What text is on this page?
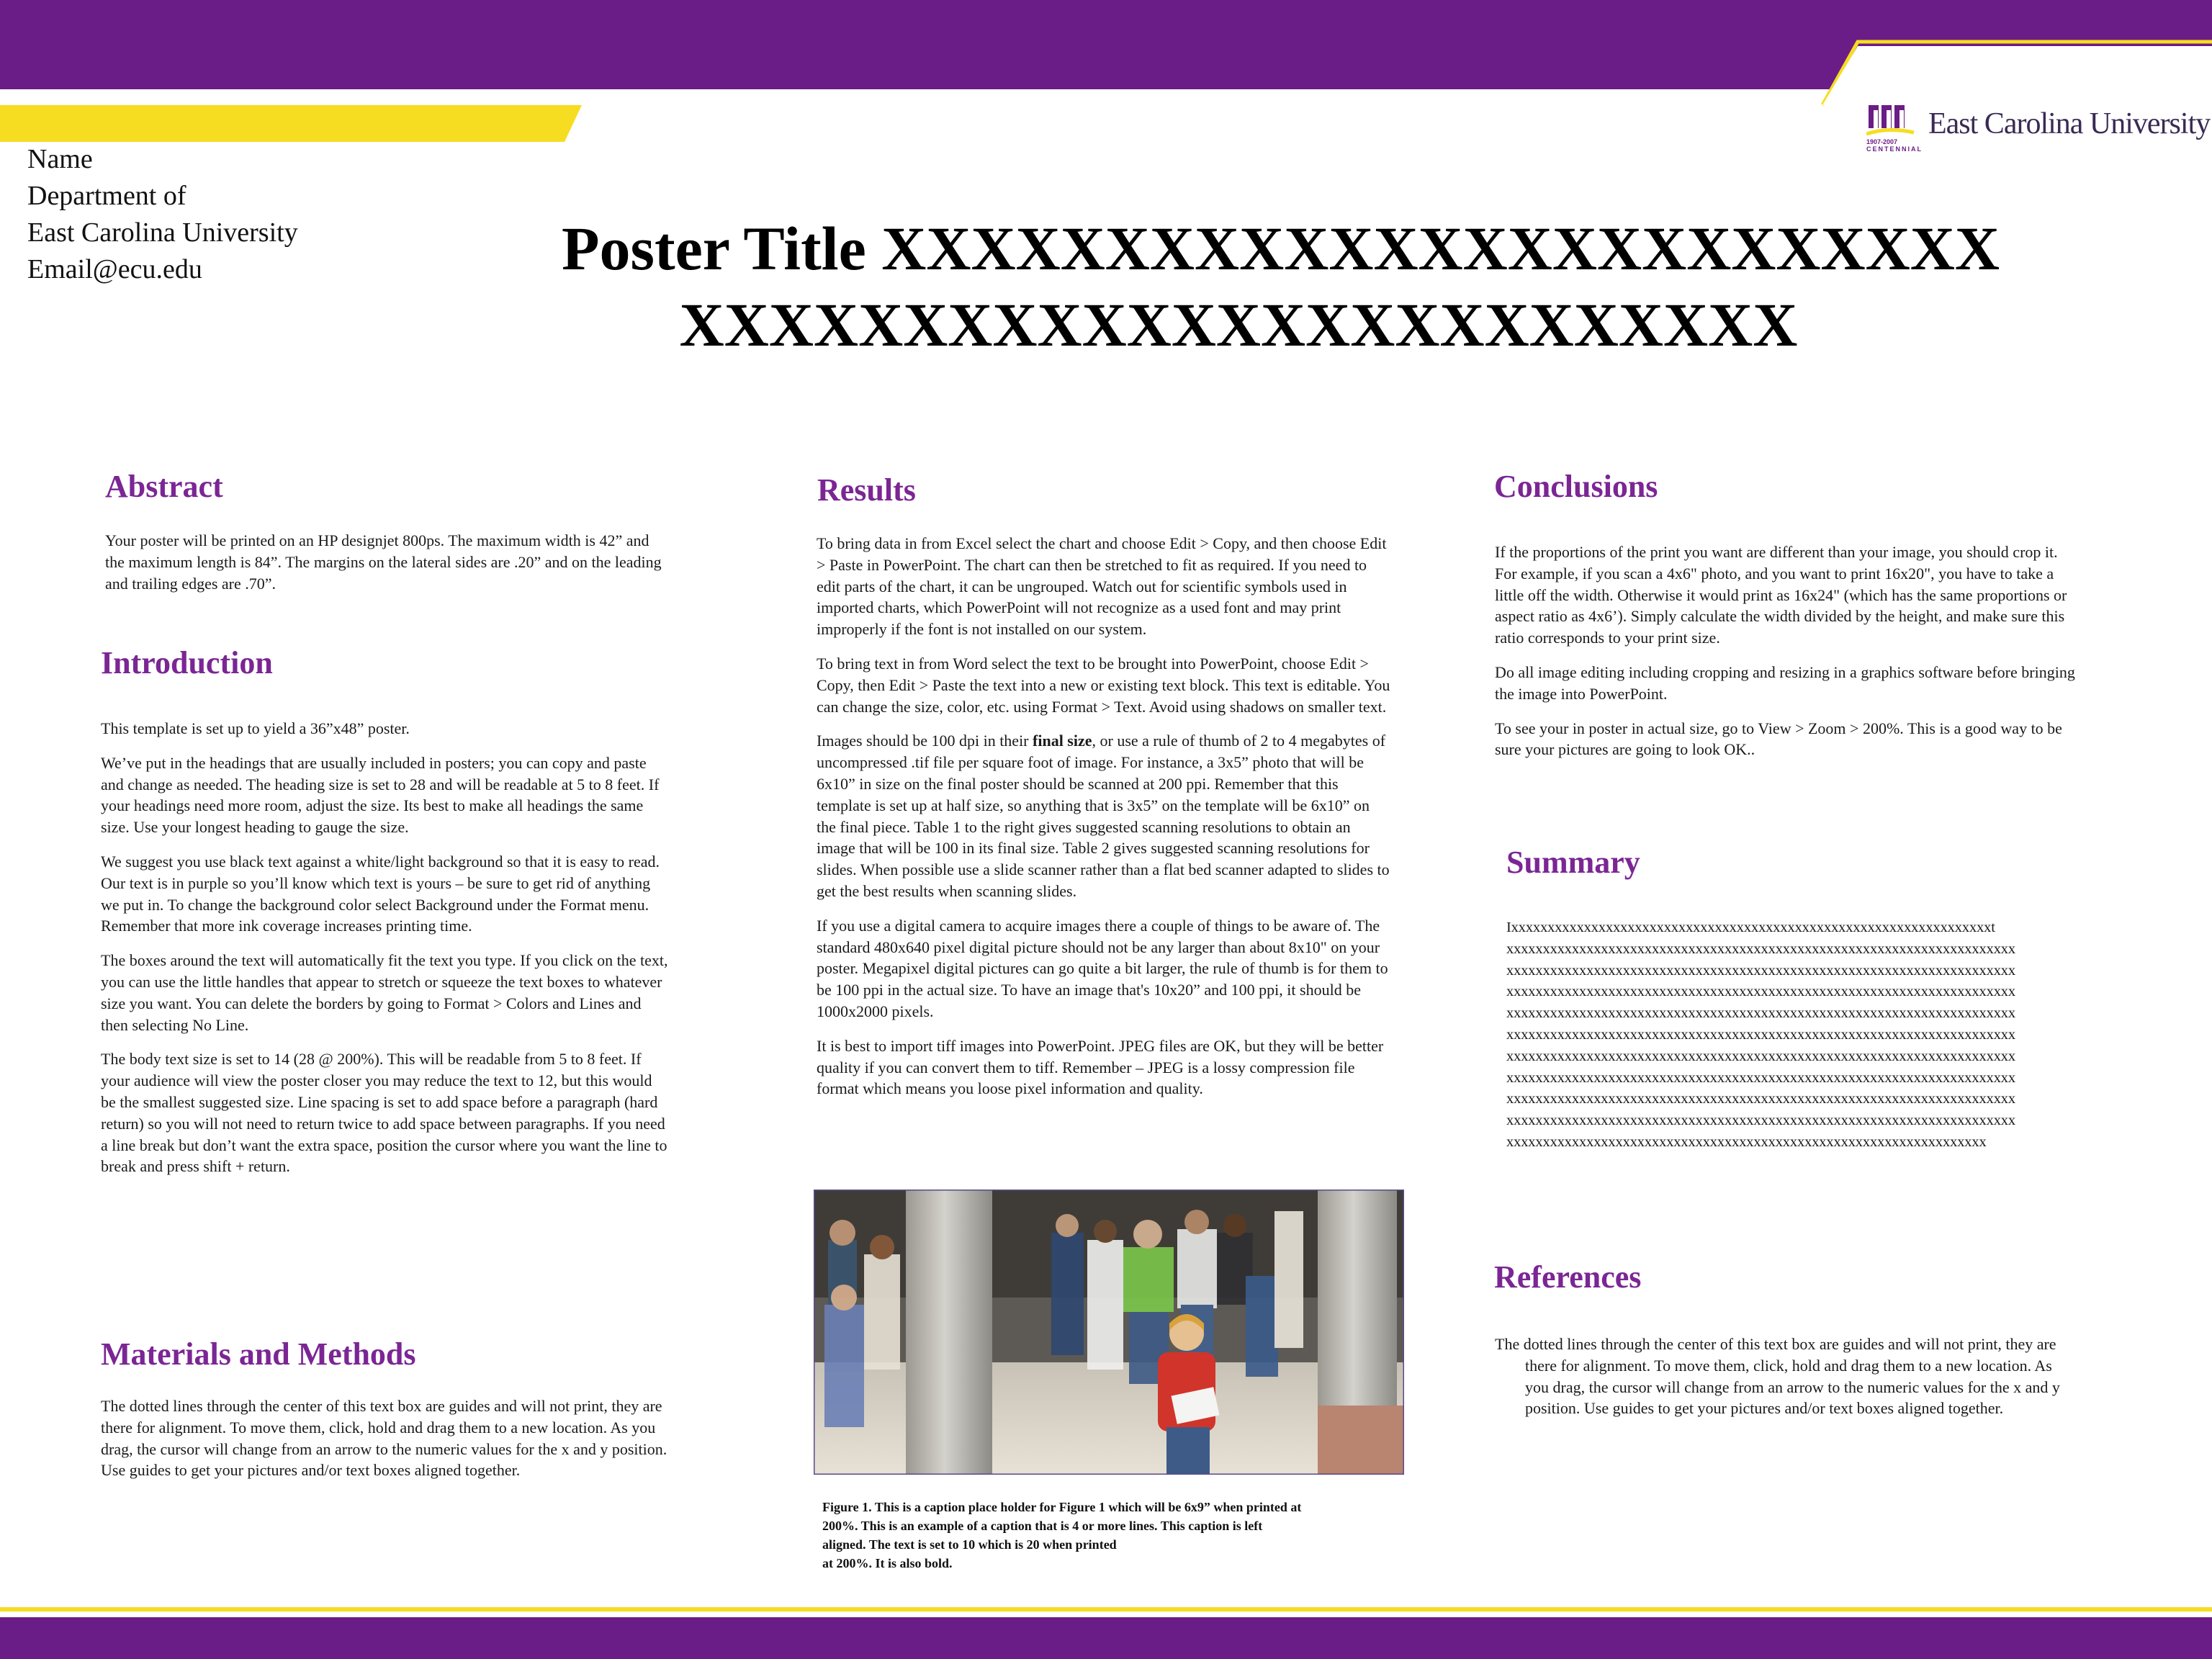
East Carolina University
1907-2007
CENTENNIAL
Name
Department of
East Carolina University
Email@ecu.edu	Poster Title XXXXXXXXXXXXXXXXXXXXXXXXX
XXXXXXXXXXXXXXXXXXXXXXXXX
Abstract

Your poster will be printed on an HP designjet 800ps. The maximum width is 42” and the maximum length is 84”. The margins on the lateral sides are .20” and on the leading and trailing edges are .70”.

Introduction

This template is set up to yield a 36”x48” poster.

We’ve put in the headings that are usually included in posters; you can copy and paste and change as needed. The heading size is set to 28 and will be readable at 5 to 8 feet. If your headings need more room, adjust the size. Its best to make all headings the same size. Use your longest heading to gauge the size.

We suggest you use black text against a white/light background so that it is easy to read. Our text is in purple so you’ll know which text is yours – be sure to get rid of anything we put in. To change the background color select Background under the Format menu. Remember that more ink coverage increases printing time.

The boxes around the text will automatically fit the text you type. If you click on the text, you can use the little handles that appear to stretch or squeeze the text boxes to whatever size you want. You can delete the borders by going to Format > Colors and Lines and then selecting No Line.

The body text size is set to 14 (28 @ 200%). This will be readable from 5 to 8 feet. If your audience will view the poster closer you may reduce the text to 12, but this would be the smallest suggested size. Line spacing is set to add space before a paragraph (hard return) so you will not need to return twice to add space between paragraphs. If you need a line break but don’t want the extra space, position the cursor where you want the line to break and press shift + return.

Materials and Methods

The dotted lines through the center of this text box are guides and will not print, they are there for alignment. To move them, click, hold and drag them to a new location. As you drag, the cursor will change from an arrow to the numeric values for the x and y position. Use guides to get your pictures and/or text boxes aligned together.

Results

To bring data in from Excel select the chart and choose Edit > Copy, and then choose Edit > Paste in PowerPoint. The chart can then be stretched to fit as required. If you need to edit parts of the chart, it can be ungrouped. Watch out for scientific symbols used in imported charts, which PowerPoint will not recognize as a used font and may print improperly if the font is not installed on our system.

To bring text in from Word select the text to be brought into PowerPoint, choose Edit > Copy, then Edit > Paste the text into a new or existing text block. This text is editable. You can change the size, color, etc. using Format > Text. Avoid using shadows on smaller text.

Images should be 100 dpi in their final size, or use a rule of thumb of 2 to 4 megabytes of uncompressed .tif file per square foot of image. For instance, a 3x5” photo that will be 6x10” in size on the final poster should be scanned at 200 ppi. Remember that this template is set up at half size, so anything that is 3x5” on the template will be 6x10” on the final piece. Table 1 to the right gives suggested scanning resolutions to obtain an image that will be 100 in its final size. Table 2 gives suggested scanning resolutions for slides. When possible use a slide scanner rather than a flat bed scanner adapted to slides to get the best results when scanning slides.

If you use a digital camera to acquire images there a couple of things to be aware of. The standard 480x640 pixel digital picture should not be any larger than about 8x10" on your poster. Megapixel digital pictures can go quite a bit larger, the rule of thumb is for them to be 100 ppi in the actual size. To have an image that's 10x20” and 100 ppi, it should be 1000x2000 pixels.

It is best to import tiff images into PowerPoint. JPEG files are OK, but they will be better quality if you can convert them to tiff. Remember – JPEG is a lossy compression file format which means you loose pixel information and quality.

Figure 1. This is a caption place holder for Figure 1 which will be 6x9” when printed at
200%. This is an example of a caption that is 4 or more lines. This caption is left
aligned. The text is set to 10 which is 20 when printed
at 200%. It is also bold.
Conclusions

If the proportions of the print you want are different than your image, you should crop it. For example, if you scan a 4x6" photo, and you want to print 16x20", you have to take a little off the width. Otherwise it would print as 16x24" (which has the same proportions or aspect ratio as 4x6’). Simply calculate the width divided by the height, and make sure this ratio corresponds to your print size.

Do all image editing including cropping and resizing in a graphics software before bringing the image into PowerPoint.

To see your in poster in actual size, go to View > Zoom > 200%. This is a good way to be sure your pictures are going to look OK..

Summary
Ixxxxxxxxxxxxxxxxxxxxxxxxxxxxxxxxxxxxxxxxxxxxxxxxxxxxxxxxxxxxxxxxxxt
xxxxxxxxxxxxxxxxxxxxxxxxxxxxxxxxxxxxxxxxxxxxxxxxxxxxxxxxxxxxxxxxxxxxxx
xxxxxxxxxxxxxxxxxxxxxxxxxxxxxxxxxxxxxxxxxxxxxxxxxxxxxxxxxxxxxxxxxxxxxx
xxxxxxxxxxxxxxxxxxxxxxxxxxxxxxxxxxxxxxxxxxxxxxxxxxxxxxxxxxxxxxxxxxxxxx
xxxxxxxxxxxxxxxxxxxxxxxxxxxxxxxxxxxxxxxxxxxxxxxxxxxxxxxxxxxxxxxxxxxxxx
xxxxxxxxxxxxxxxxxxxxxxxxxxxxxxxxxxxxxxxxxxxxxxxxxxxxxxxxxxxxxxxxxxxxxx
xxxxxxxxxxxxxxxxxxxxxxxxxxxxxxxxxxxxxxxxxxxxxxxxxxxxxxxxxxxxxxxxxxxxxx
xxxxxxxxxxxxxxxxxxxxxxxxxxxxxxxxxxxxxxxxxxxxxxxxxxxxxxxxxxxxxxxxxxxxxx
xxxxxxxxxxxxxxxxxxxxxxxxxxxxxxxxxxxxxxxxxxxxxxxxxxxxxxxxxxxxxxxxxxxxxx
xxxxxxxxxxxxxxxxxxxxxxxxxxxxxxxxxxxxxxxxxxxxxxxxxxxxxxxxxxxxxxxxxxxxxx
xxxxxxxxxxxxxxxxxxxxxxxxxxxxxxxxxxxxxxxxxxxxxxxxxxxxxxxxxxxxxxxxxx
References

The dotted lines through the center of this text box are guides and will not print, they are there for alignment. To move them, click, hold and drag them to a new location. As you drag, the cursor will change from an arrow to the numeric values for the x and y position. Use guides to get your pictures and/or text boxes aligned together.
